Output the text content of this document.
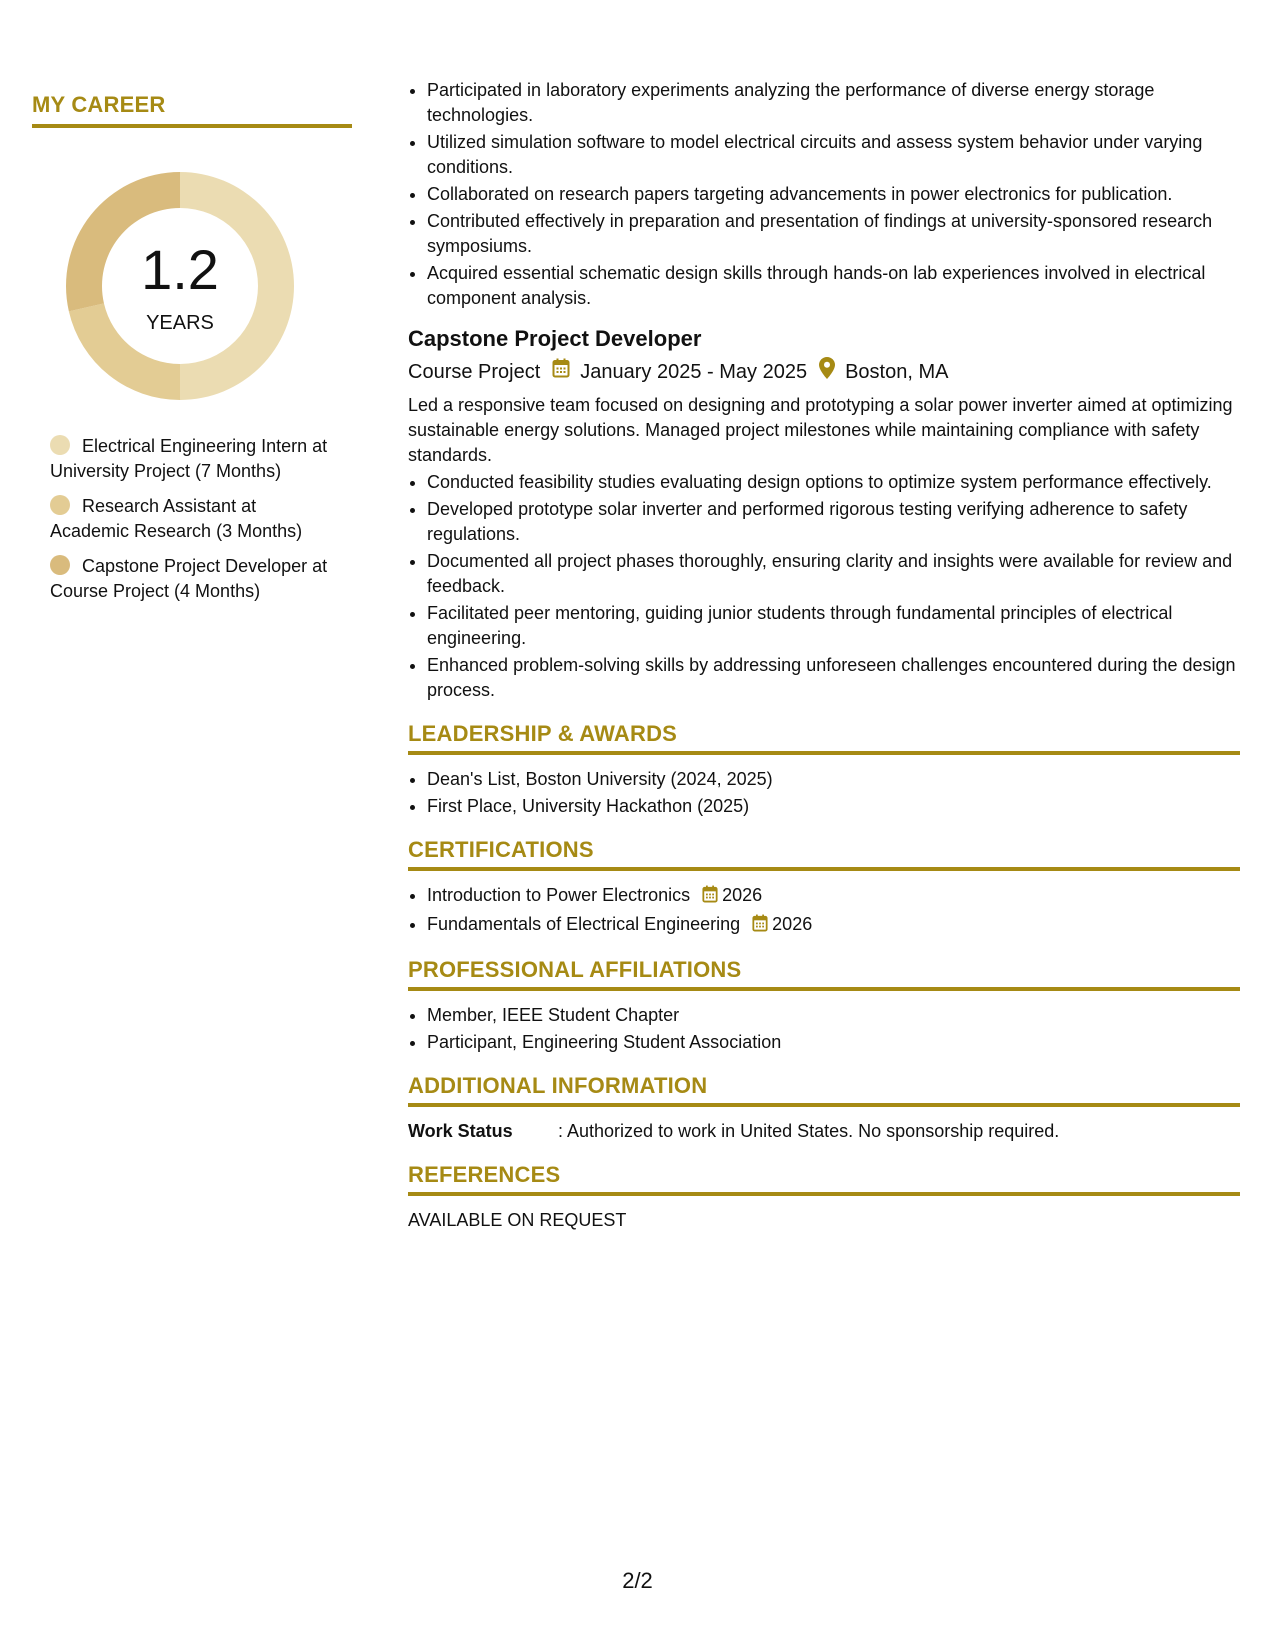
MY CAREER
1.2
YEARS
Electrical Engineering Intern at University Project (7 Months)
Research Assistant at Academic Research (3 Months)
Capstone Project Developer at Course Project (4 Months)
• Participated in laboratory experiments analyzing the performance of diverse energy storage technologies.
• Utilized simulation software to model electrical circuits and assess system behavior under varying conditions.
• Collaborated on research papers targeting advancements in power electronics for publication.
• Contributed effectively in preparation and presentation of findings at university-sponsored research symposiums.
• Acquired essential schematic design skills through hands-on lab experiences involved in electrical component analysis.
Capstone Project Developer
Course Project January 2025 - May 2025 Boston, MA
Led a responsive team focused on designing and prototyping a solar power inverter aimed at optimizing sustainable energy solutions. Managed project milestones while maintaining compliance with safety standards.
• Conducted feasibility studies evaluating design options to optimize system performance effectively.
• Developed prototype solar inverter and performed rigorous testing verifying adherence to safety regulations.
• Documented all project phases thoroughly, ensuring clarity and insights were available for review and feedback.
• Facilitated peer mentoring, guiding junior students through fundamental principles of electrical engineering.
• Enhanced problem-solving skills by addressing unforeseen challenges encountered during the design process.
LEADERSHIP & AWARDS
• Dean's List, Boston University (2024, 2025)
• First Place, University Hackathon (2025)
CERTIFICATIONS
• Introduction to Power Electronics 2026
• Fundamentals of Electrical Engineering 2026
PROFESSIONAL AFFILIATIONS
• Member, IEEE Student Chapter
• Participant, Engineering Student Association
ADDITIONAL INFORMATION
Work Status	: Authorized to work in United States. No sponsorship required.
REFERENCES
AVAILABLE ON REQUEST
2/2
